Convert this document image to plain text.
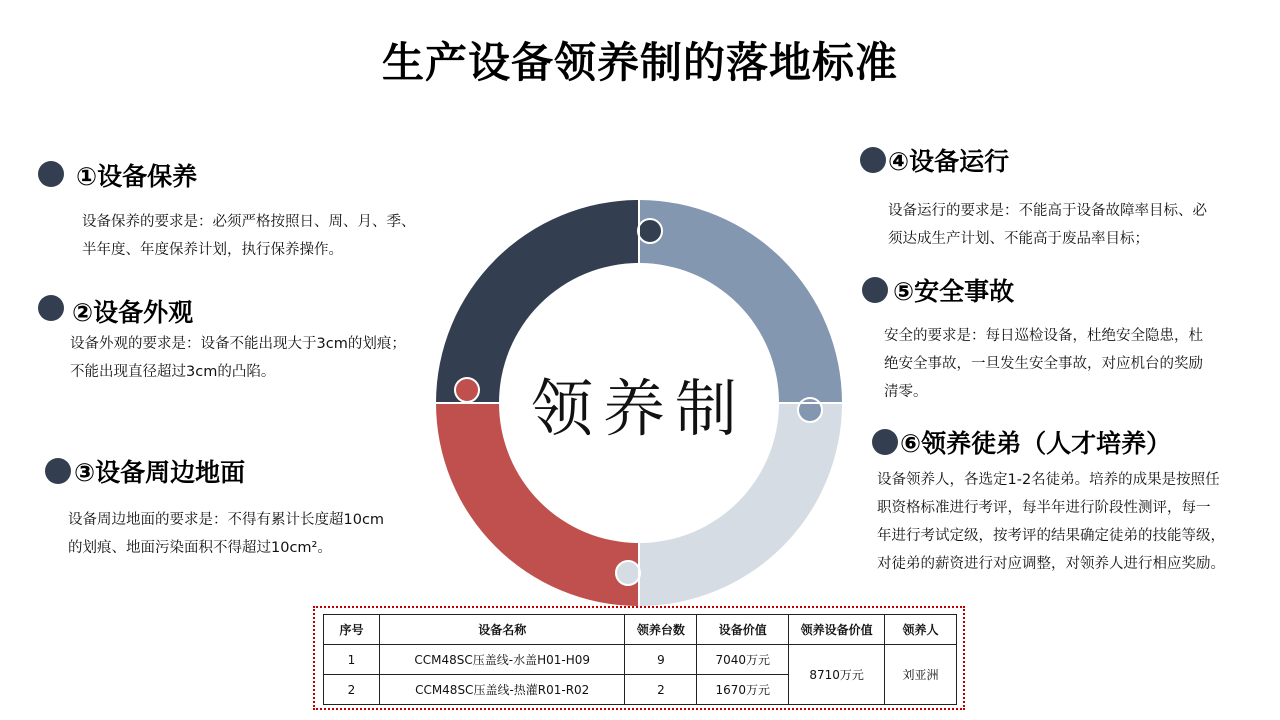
生产设备领养制的落地标准
①设备保养
设备保养的要求是：必须严格按照日、周、月、季、
半年度、年度保养计划，执行保养操作。
②设备外观
设备外观的要求是：设备不能出现大于3cm的划痕；
不能出现直径超过3cm的凸陷。
③设备周边地面
设备周边地面的要求是：不得有累计长度超10cm
的划痕、地面污染面积不得超过10cm²。
④设备运行
设备运行的要求是：不能高于设备故障率目标、必
须达成生产计划、不能高于废品率目标；
⑤安全事故
安全的要求是：每日巡检设备，杜绝安全隐患，杜
绝安全事故，一旦发生安全事故，对应机台的奖励
清零。
⑥领养徒弟（人才培养）
设备领养人，各选定1-2名徒弟。培养的成果是按照任
职资格标准进行考评，每半年进行阶段性测评，每一
年进行考试定级，按考评的结果确定徒弟的技能等级，
对徒弟的薪资进行对应调整，对领养人进行相应奖励。
领养制
序号	设备名称	领养台数	设备价值	领养设备价值	领养人
1	CCM48SC压盖线-水盖H01-H09	9	7040万元	8710万元	刘亚洲
2	CCM48SC压盖线-热灌R01-R02	2	1670万元		
